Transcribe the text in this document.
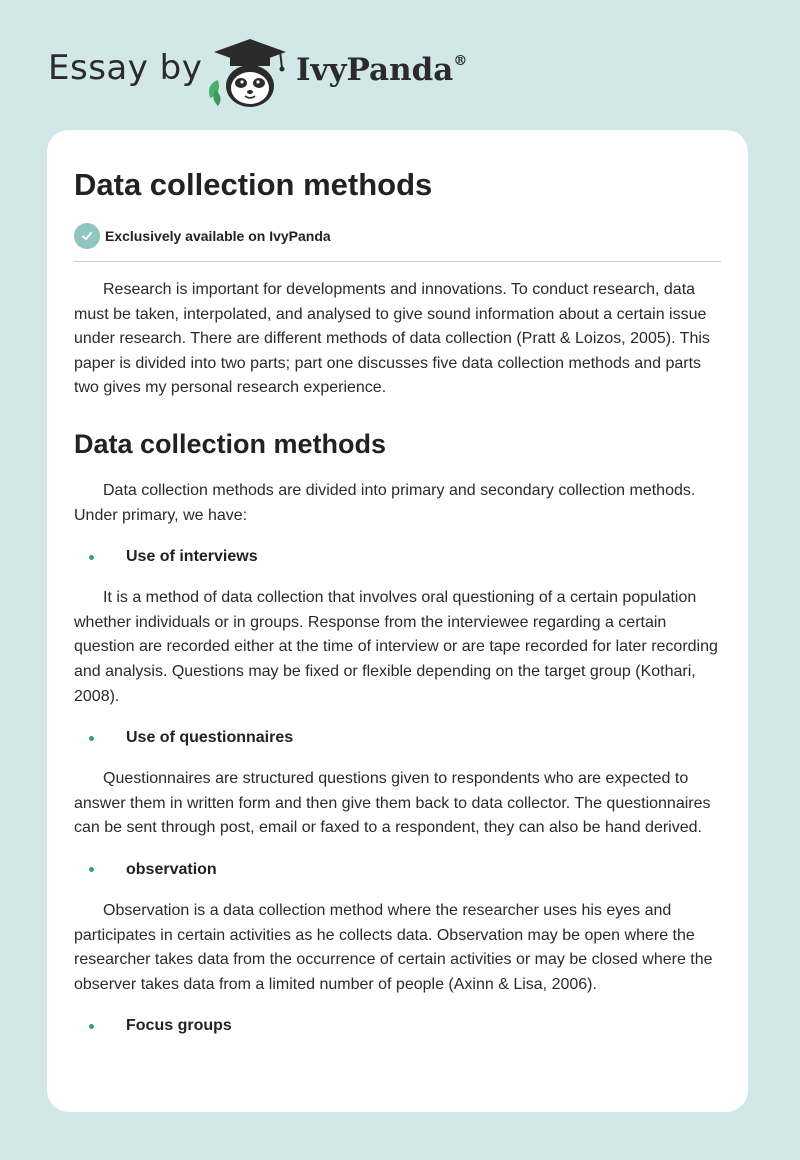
Essay by	IvyPanda®
Data collection methods
Exclusively available on IvyPanda

Research is important for developments and innovations. To conduct research, data must be taken, interpolated, and analysed to give sound information about a certain issue under research. There are different methods of data collection (Pratt & Loizos, 2005). This paper is divided into two parts; part one discusses five data collection methods and parts two gives my personal research experience.

Data collection methods

Data collection methods are divided into primary and secondary collection methods. Under primary, we have:

Use of interviews

It is a method of data collection that involves oral questioning of a certain population whether individuals or in groups. Response from the interviewee regarding a certain question are recorded either at the time of interview or are tape recorded for later recording and analysis. Questions may be fixed or flexible depending on the target group (Kothari, 2008).

Use of questionnaires

Questionnaires are structured questions given to respondents who are expected to answer them in written form and then give them back to data collector. The questionnaires can be sent through post, email or faxed to a respondent, they can also be hand derived.

observation

Observation is a data collection method where the researcher uses his eyes and participates in certain activities as he collects data. Observation may be open where the researcher takes data from the occurrence of certain activities or may be closed where the observer takes data from a limited number of people (Axinn & Lisa, 2006).

Focus groups
